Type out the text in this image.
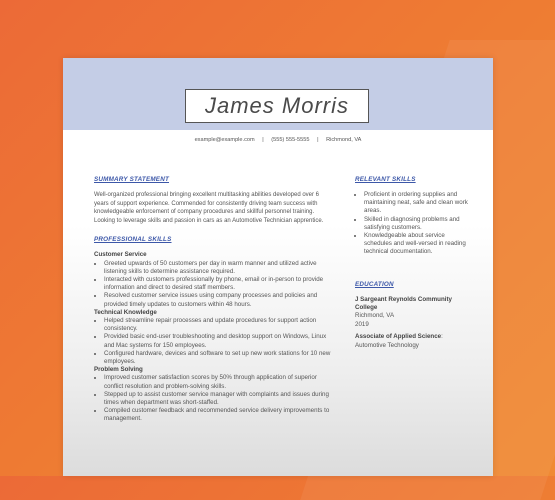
James Morris
example@example.com | (555) 555-5555 | Richmond, VA
SUMMARY STATEMENT

Well-organized professional bringing excellent multitasking abilities developed over 6 years of support experience. Commended for consistently driving team success with knowledgeable enforcement of company procedures and skillful personnel training. Looking to leverage skills and passion in cars as an Automotive Technician apprentice.

PROFESSIONAL SKILLS

Customer Service

• Greeted upwards of 50 customers per day in warm manner and utilized active listening skills to determine assistance required.
• Interacted with customers professionally by phone, email or in-person to provide information and direct to desired staff members.
• Resolved customer service issues using company processes and policies and provided timely updates to customers within 48 hours.

Technical Knowledge

• Helped streamline repair processes and update procedures for support action consistency.
• Provided basic end-user troubleshooting and desktop support on Windows, Linux and Mac systems for 150 employees.
• Configured hardware, devices and software to set up new work stations for 10 new employees.

Problem Solving

• Improved customer satisfaction scores by 50% through application of superior conflict resolution and problem-solving skills.
• Stepped up to assist customer service manager with complaints and issues during times when department was short-staffed.
• Compiled customer feedback and recommended service delivery improvements to management.
RELEVANT SKILLS
• Proficient in ordering supplies and maintaining neat, safe and clean work areas.
• Skilled in diagnosing problems and satisfying customers.
• Knowledgeable about service schedules and well-versed in reading technical documentation.
EDUCATION

J Sargeant Reynolds Community College

Richmond, VA

2019

Associate of Applied Science:

Automotive Technology
